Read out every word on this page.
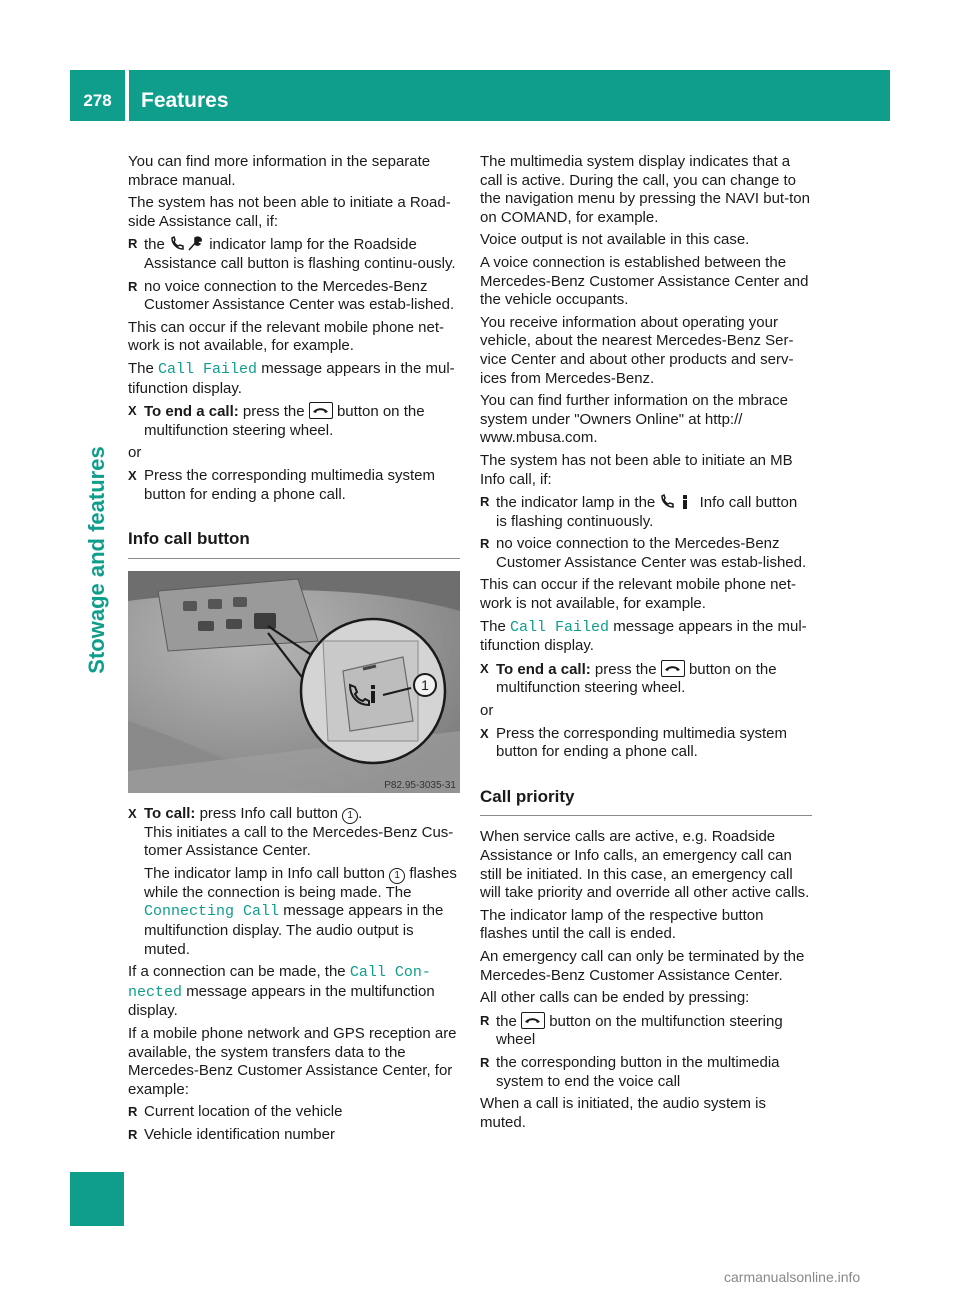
278	Features
Stowage and features

You can find more information in the separate mbrace manual.

The system has not been able to initiate a Road-side Assistance call, if:

R the	indicator lamp for the Roadside Assistance call button is flashing continu-ously.
R no voice connection to the Mercedes-Benz Customer Assistance Center was estab-lished.

This can occur if the relevant mobile phone net-work is not available, for example.

The Call Failed message appears in the mul-tifunction display.

X To end a call: press the button on the multifunction steering wheel.

or

X Press the corresponding multimedia system button for ending a phone call.
Info call button
1
P82.95-3035-31
X To call: press Info call button 1 .
This initiates a call to the Mercedes-Benz Cus-tomer Assistance Center.
The indicator lamp in Info call button 1 flashes while the connection is being made. The Connecting Call message appears in the multifunction display. The audio output is muted.

If a connection can be made, the Call Con-nected message appears in the multifunction display.

If a mobile phone network and GPS reception are available, the system transfers data to the Mercedes-Benz Customer Assistance Center, for example:

R Current location of the vehicle
R Vehicle identification number

The multimedia system display indicates that a call is active. During the call, you can change to the navigation menu by pressing the NAVI but-ton on COMAND, for example.

Voice output is not available in this case.

A voice connection is established between the Mercedes-Benz Customer Assistance Center and the vehicle occupants.

You receive information about operating your vehicle, about the nearest Mercedes-Benz Ser-vice Center and about other products and serv-ices from Mercedes-Benz.

You can find further information on the mbrace system under "Owners Online" at http:// www.mbusa.com.

The system has not been able to initiate an MB Info call, if:

R the indicator lamp in the	Info call button is flashing continuously.
R no voice connection to the Mercedes-Benz Customer Assistance Center was estab-lished.

This can occur if the relevant mobile phone net-work is not available, for example.

The Call Failed message appears in the mul-tifunction display.

X To end a call: press the button on the multifunction steering wheel.

or

X Press the corresponding multimedia system button for ending a phone call.
Call priority

When service calls are active, e.g. Roadside Assistance or Info calls, an emergency call can still be initiated. In this case, an emergency call will take priority and override all other active calls.

The indicator lamp of the respective button flashes until the call is ended.

An emergency call can only be terminated by the Mercedes-Benz Customer Assistance Center.

All other calls can be ended by pressing:

R the button on the multifunction steering wheel
R the corresponding button in the multimedia system to end the voice call

When a call is initiated, the audio system is muted.

carmanualsonline.info
